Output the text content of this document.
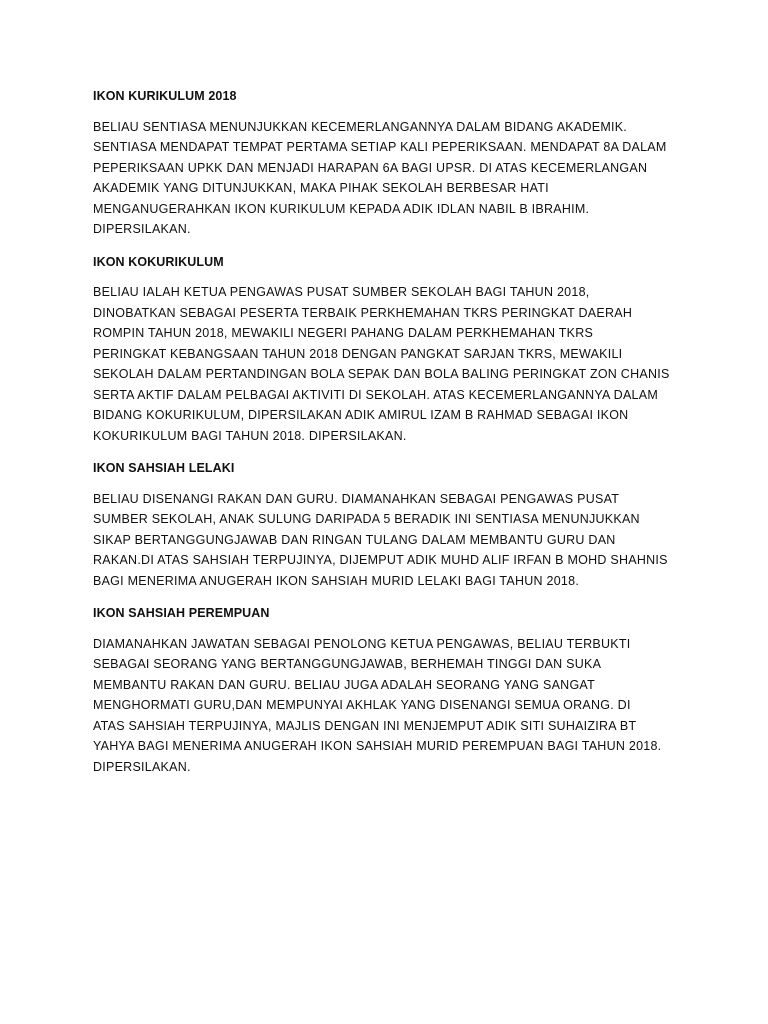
IKON KURIKULUM 2018
BELIAU SENTIASA MENUNJUKKAN KECEMERLANGANNYA DALAM BIDANG AKADEMIK.
SENTIASA MENDAPAT TEMPAT PERTAMA SETIAP KALI PEPERIKSAAN. MENDAPAT 8A DALAM
PEPERIKSAAN UPKK DAN MENJADI HARAPAN 6A BAGI UPSR. DI ATAS KECEMERLANGAN
AKADEMIK YANG DITUNJUKKAN, MAKA PIHAK SEKOLAH BERBESAR HATI
MENGANUGERAHKAN IKON KURIKULUM KEPADA ADIK IDLAN NABIL B IBRAHIM.
DIPERSILAKAN.
IKON KOKURIKULUM
BELIAU IALAH KETUA PENGAWAS PUSAT SUMBER SEKOLAH BAGI TAHUN 2018,
DINOBATKAN SEBAGAI PESERTA TERBAIK PERKHEMAHAN TKRS PERINGKAT DAERAH
ROMPIN TAHUN 2018, MEWAKILI NEGERI PAHANG DALAM PERKHEMAHAN TKRS
PERINGKAT KEBANGSAAN TAHUN 2018 DENGAN PANGKAT SARJAN TKRS, MEWAKILI
SEKOLAH DALAM PERTANDINGAN BOLA SEPAK DAN BOLA BALING PERINGKAT ZON CHANIS
SERTA AKTIF DALAM PELBAGAI AKTIVITI DI SEKOLAH. ATAS KECEMERLANGANNYA DALAM
BIDANG KOKURIKULUM, DIPERSILAKAN ADIK AMIRUL IZAM B RAHMAD SEBAGAI IKON
KOKURIKULUM BAGI TAHUN 2018. DIPERSILAKAN.
IKON SAHSIAH LELAKI
BELIAU DISENANGI RAKAN DAN GURU. DIAMANAHKAN SEBAGAI PENGAWAS PUSAT
SUMBER SEKOLAH, ANAK SULUNG DARIPADA 5 BERADIK INI SENTIASA MENUNJUKKAN
SIKAP BERTANGGUNGJAWAB DAN RINGAN TULANG DALAM MEMBANTU GURU DAN
RAKAN.DI ATAS SAHSIAH TERPUJINYA, DIJEMPUT ADIK MUHD ALIF IRFAN B MOHD SHAHNIS
BAGI MENERIMA ANUGERAH IKON SAHSIAH MURID LELAKI BAGI TAHUN 2018.
IKON SAHSIAH PEREMPUAN
DIAMANAHKAN JAWATAN SEBAGAI PENOLONG KETUA PENGAWAS, BELIAU TERBUKTI
SEBAGAI SEORANG YANG BERTANGGUNGJAWAB, BERHEMAH TINGGI DAN SUKA
MEMBANTU RAKAN DAN GURU. BELIAU JUGA ADALAH SEORANG YANG SANGAT
MENGHORMATI GURU,DAN MEMPUNYAI AKHLAK YANG DISENANGI SEMUA ORANG. DI
ATAS SAHSIAH TERPUJINYA, MAJLIS DENGAN INI MENJEMPUT ADIK SITI SUHAIZIRA BT
YAHYA BAGI MENERIMA ANUGERAH IKON SAHSIAH MURID PEREMPUAN BAGI TAHUN 2018.
DIPERSILAKAN.
